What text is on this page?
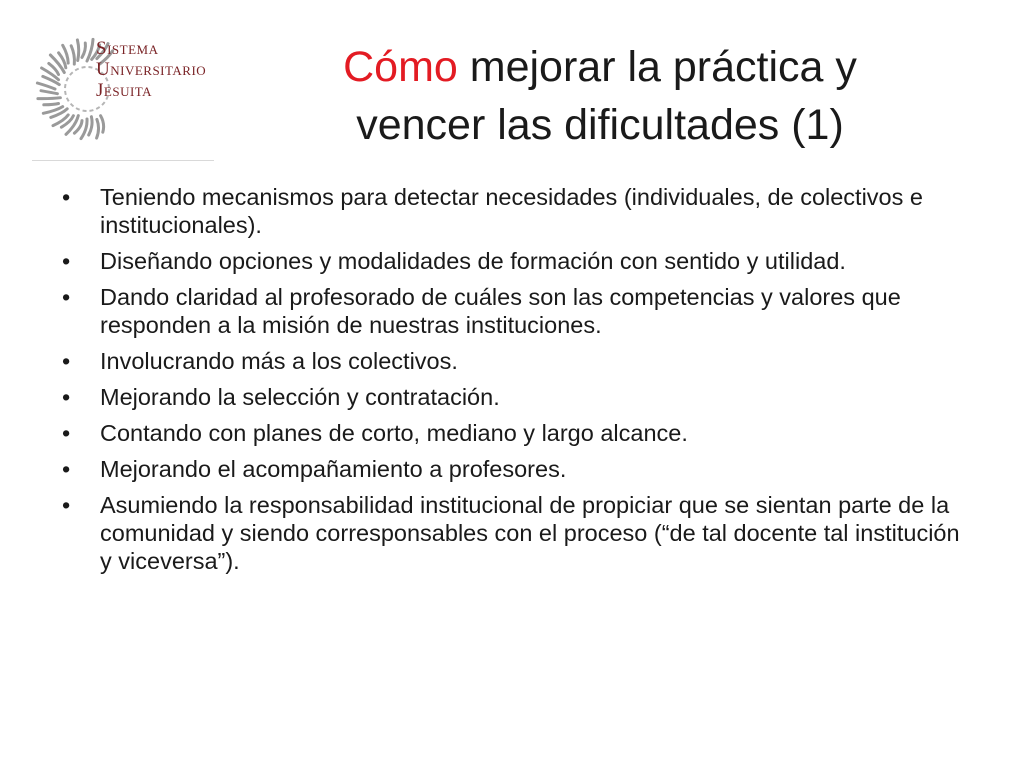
Sistema
Universitario
Jesuita	Cómo mejorar la práctica y
vencer las dificultades (1)
• Teniendo mecanismos para detectar necesidades (individuales, de colectivos e institucionales).
• Diseñando opciones y modalidades de formación con sentido y utilidad.
• Dando claridad al profesorado de cuáles son las competencias y valores que responden a la misión de nuestras instituciones.
• Involucrando más a los colectivos.
• Mejorando la selección y contratación.
• Contando con planes de corto, mediano y largo alcance.
• Mejorando el acompañamiento a profesores.
• Asumiendo la responsabilidad institucional de propiciar que se sientan parte de la comunidad y siendo corresponsables con el proceso (“de tal docente tal institución y viceversa”).
